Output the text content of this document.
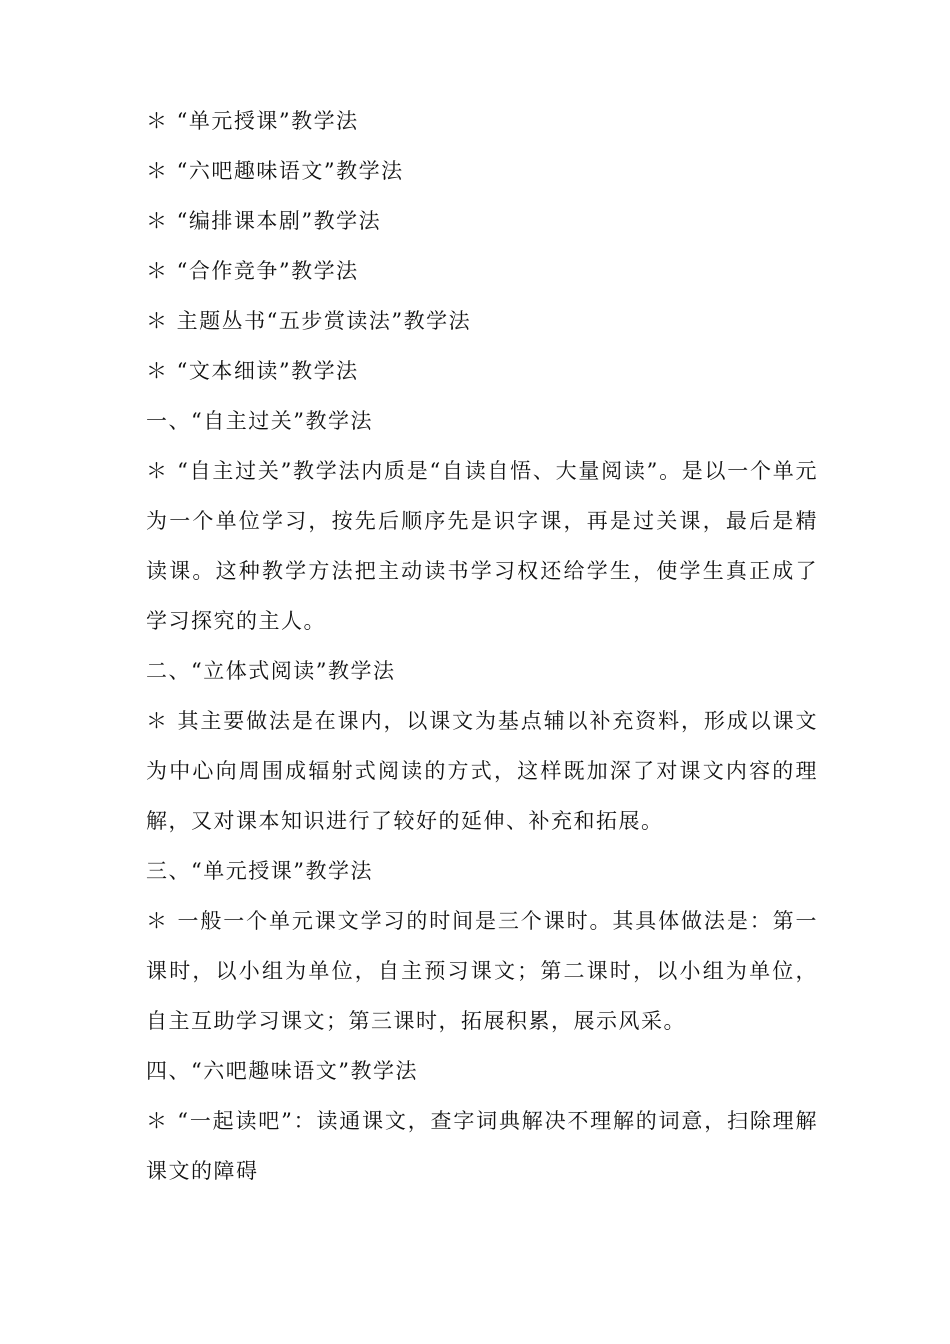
＊ “单元授课”教学法

＊ “六吧趣味语文”教学法

＊ “编排课本剧”教学法

＊ “合作竞争”教学法

＊ 主题丛书“五步赏读法”教学法

＊ “文本细读”教学法

一、“自主过关”教学法

＊ “自主过关”教学法内质是“自读自悟、大量阅读”。是以一个单元为一个单位学习，按先后顺序先是识字课，再是过关课，最后是精读课。这种教学方法把主动读书学习权还给学生，使学生真正成了学习探究的主人。

二、“立体式阅读”教学法

＊ 其主要做法是在课内，以课文为基点辅以补充资料，形成以课文为中心向周围成辐射式阅读的方式，这样既加深了对课文内容的理解，又对课本知识进行了较好的延伸、补充和拓展。

三、“单元授课”教学法

＊ 一般一个单元课文学习的时间是三个课时。其具体做法是：第一课时，以小组为单位，自主预习课文；第二课时，以小组为单位，自主互助学习课文；第三课时，拓展积累，展示风采。

四、“六吧趣味语文”教学法

＊ “一起读吧”：读通课文，查字词典解决不理解的词意，扫除理解课文的障碍
